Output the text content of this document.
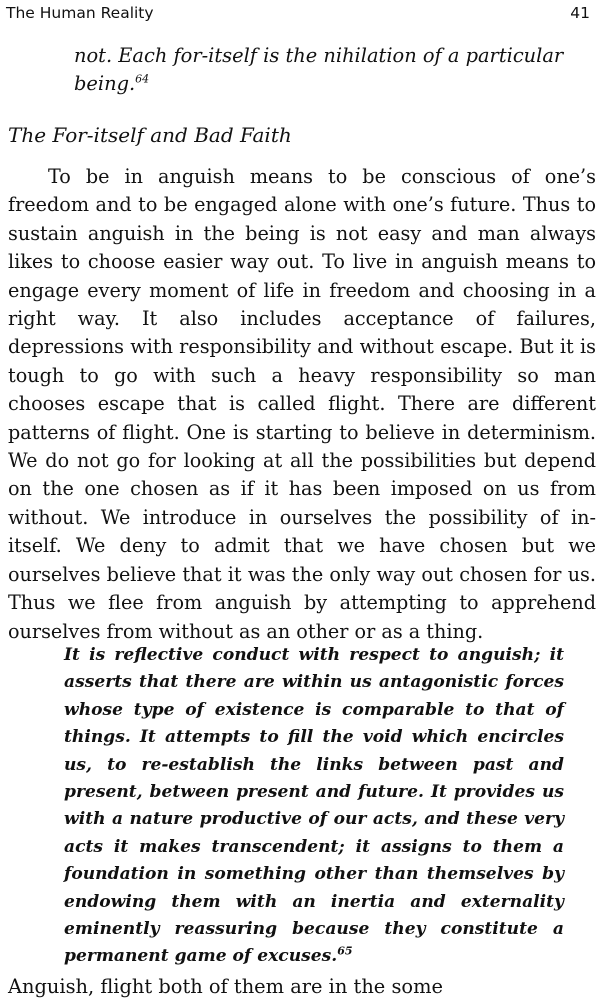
The Human Reality	41
not. Each for-itself is the nihilation of a particular being.$^{64}$
The For-itself and Bad Faith

To be in anguish means to be conscious of one’s freedom and to be engaged alone with one’s future. Thus to sustain anguish in the being is not easy and man always likes to choose easier way out. To live in anguish means to engage every moment of life in freedom and choosing in a right way. It also includes acceptance of failures, depressions with responsibility and without escape. But it is tough to go with such a heavy responsibility so man chooses escape that is called flight. There are different patterns of flight. One is starting to believe in determinism. We do not go for looking at all the possibilities but depend on the one chosen as if it has been imposed on us from without. We introduce in ourselves the possibility of in-itself. We deny to admit that we have chosen but we ourselves believe that it was the only way out chosen for us. Thus we flee from anguish by attempting to apprehend ourselves from without as an other or as a thing.

It is reflective conduct with respect to anguish; it asserts that there are within us antagonistic forces whose type of existence is comparable to that of things. It attempts to fill the void which encircles us, to re-establish the links between past and present, between present and future. It provides us with a nature productive of our acts, and these very acts it makes transcendent; it assigns to them a foundation in something other than themselves by endowing them with an inertia and externality eminently reassuring because they constitute a permanent game of excuses.$^{65}$
Anguish, flight both of them are in the some
